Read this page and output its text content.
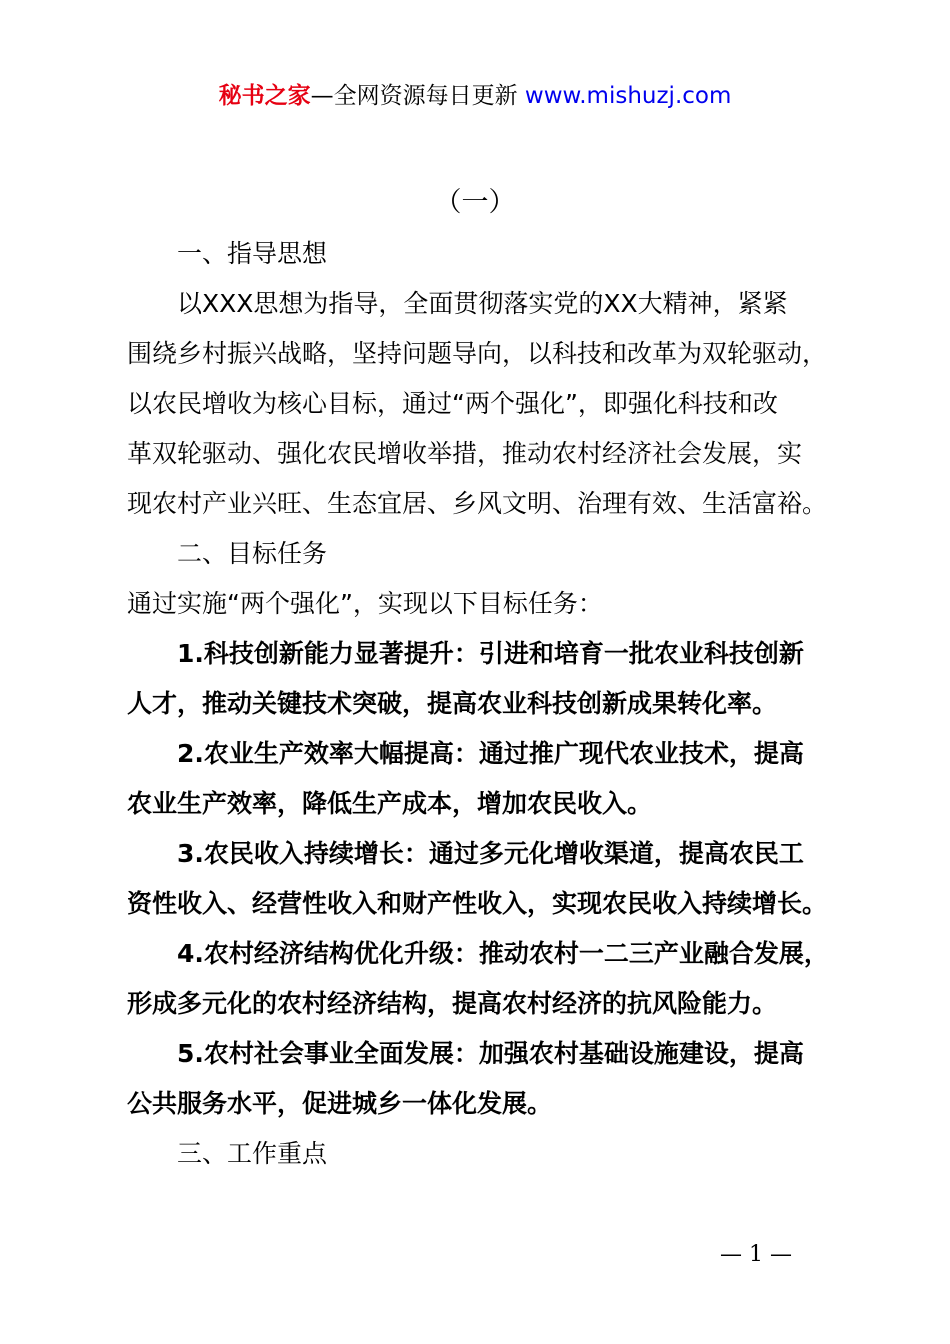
秘书之家—全网资源每日更新 www.mishuzj.com
（一）
一、指导思想
以XXX思想为指导，全面贯彻落实党的XX大精神，紧紧
围绕乡村振兴战略，坚持问题导向，以科技和改革为双轮驱动，
以农民增收为核心目标，通过“两个强化”，即强化科技和改
革双轮驱动、强化农民增收举措，推动农村经济社会发展，实
现农村产业兴旺、生态宜居、乡风文明、治理有效、生活富裕。
二、目标任务
通过实施“两个强化”，实现以下目标任务：
1.科技创新能力显著提升：引进和培育一批农业科技创新
人才，推动关键技术突破，提高农业科技创新成果转化率。
2.农业生产效率大幅提高：通过推广现代农业技术，提高
农业生产效率，降低生产成本，增加农民收入。
3.农民收入持续增长：通过多元化增收渠道，提高农民工
资性收入、经营性收入和财产性收入，实现农民收入持续增长。
4.农村经济结构优化升级：推动农村一二三产业融合发展，
形成多元化的农村经济结构，提高农村经济的抗风险能力。
5.农村社会事业全面发展：加强农村基础设施建设，提高
公共服务水平，促进城乡一体化发展。
三、工作重点
— 1 —
